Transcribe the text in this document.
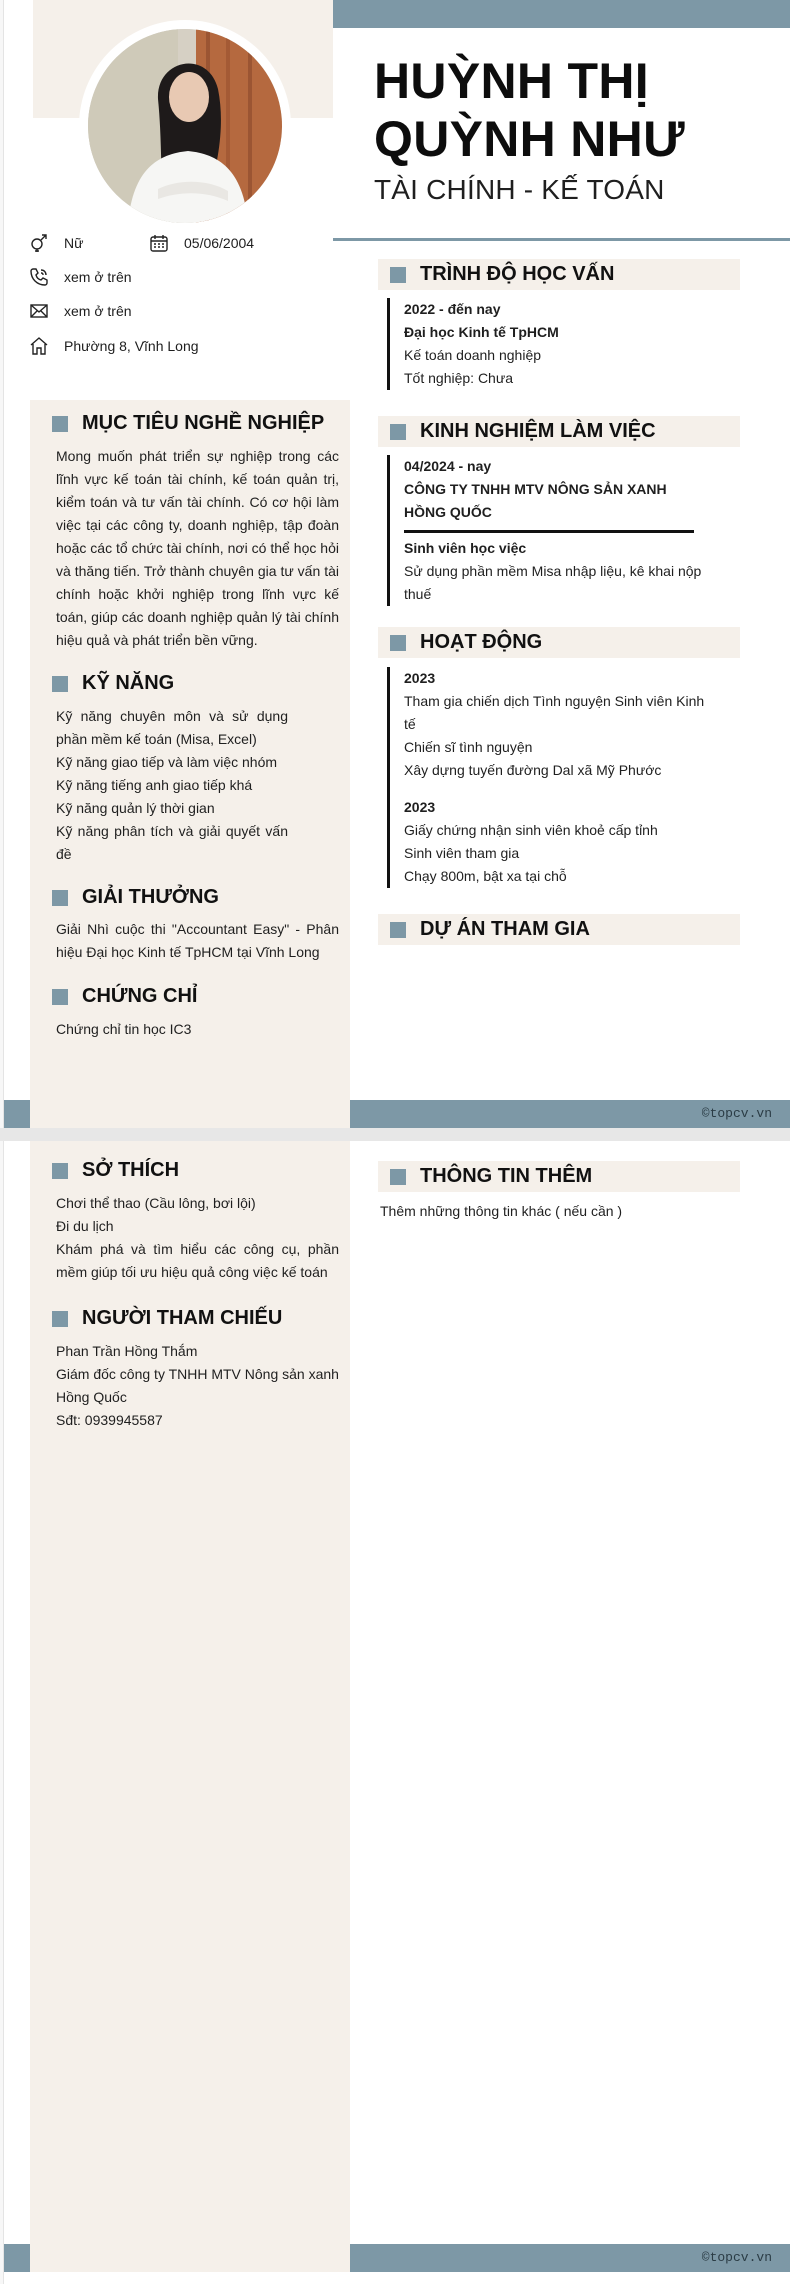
HUỲNH THỊ QUỲNH NHƯ
TÀI CHÍNH - KẾ TOÁN
Nữ	05/06/2004
xem ở trên
xem ở trên
Phường 8, Vĩnh Long
MỤC TIÊU NGHỀ NGHIỆP
Mong muốn phát triển sự nghiệp trong các lĩnh vực kế toán tài chính, kế toán quản trị, kiểm toán và tư vấn tài chính. Có cơ hội làm việc tại các công ty, doanh nghiệp, tập đoàn hoặc các tổ chức tài chính, nơi có thể học hỏi và thăng tiến. Trở thành chuyên gia tư vấn tài chính hoặc khởi nghiệp trong lĩnh vực kế toán, giúp các doanh nghiệp quản lý tài chính hiệu quả và phát triển bền vững.
KỸ NĂNG
Kỹ năng chuyên môn và sử dụng phần mềm kế toán (Misa, Excel)
Kỹ năng giao tiếp và làm việc nhóm
Kỹ năng tiếng anh giao tiếp khá
Kỹ năng quản lý thời gian
Kỹ năng phân tích và giải quyết vấn đề
GIẢI THƯỞNG
Giải Nhì cuộc thi "Accountant Easy" - Phân hiệu Đại học Kinh tế TpHCM tại Vĩnh Long
CHỨNG CHỈ
Chứng chỉ tin học IC3
TRÌNH ĐỘ HỌC VẤN
2022 - đến nay
Đại học Kinh tế TpHCM
Kế toán doanh nghiệp
Tốt nghiệp: Chưa
KINH NGHIỆM LÀM VIỆC
04/2024 - nay
CÔNG TY TNHH MTV NÔNG SẢN XANH HỒNG QUỐC
Sinh viên học việc
Sử dụng phần mềm Misa nhập liệu, kê khai nộp thuế
HOẠT ĐỘNG
2023
Tham gia chiến dịch Tình nguyện Sinh viên Kinh tế
Chiến sĩ tình nguyện
Xây dựng tuyến đường Dal xã Mỹ Phước
2023
Giấy chứng nhận sinh viên khoẻ cấp tỉnh
Sinh viên tham gia
Chạy 800m, bật xa tại chỗ
DỰ ÁN THAM GIA
©topcv.vn
SỞ THÍCH
Chơi thể thao (Cầu lông, bơi lội)
Đi du lịch
Khám phá và tìm hiểu các công cụ, phần mềm giúp tối ưu hiệu quả công việc kế toán
NGƯỜI THAM CHIẾU
Phan Trần Hồng Thắm
Giám đốc công ty TNHH MTV Nông sản xanh Hồng Quốc
Sđt: 0939945587
THÔNG TIN THÊM
Thêm những thông tin khác ( nếu cần )
©topcv.vn
